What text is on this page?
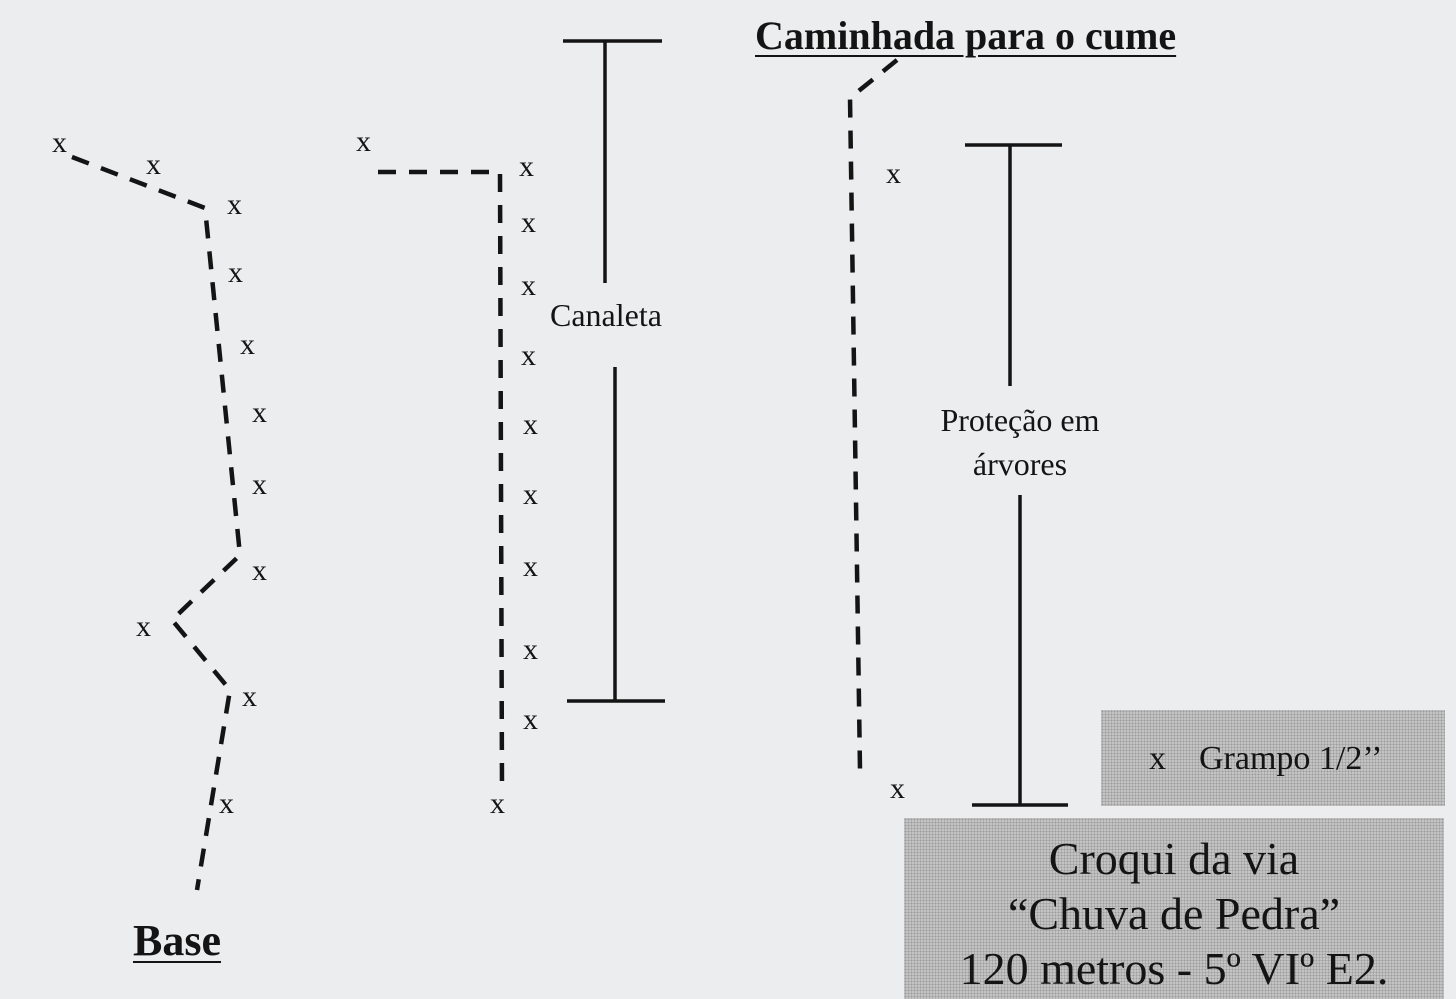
x
x
x
x
x
x
x
x
x
x
x
x
x
x
x
x
x
x
x
x
x
x
x
x
Caminhada para o cume
Base
Canaleta
Proteção em
árvores
x Grampo 1/2’’
Croqui da via
“Chuva de Pedra”
120 metros - 5º VIº E2.
